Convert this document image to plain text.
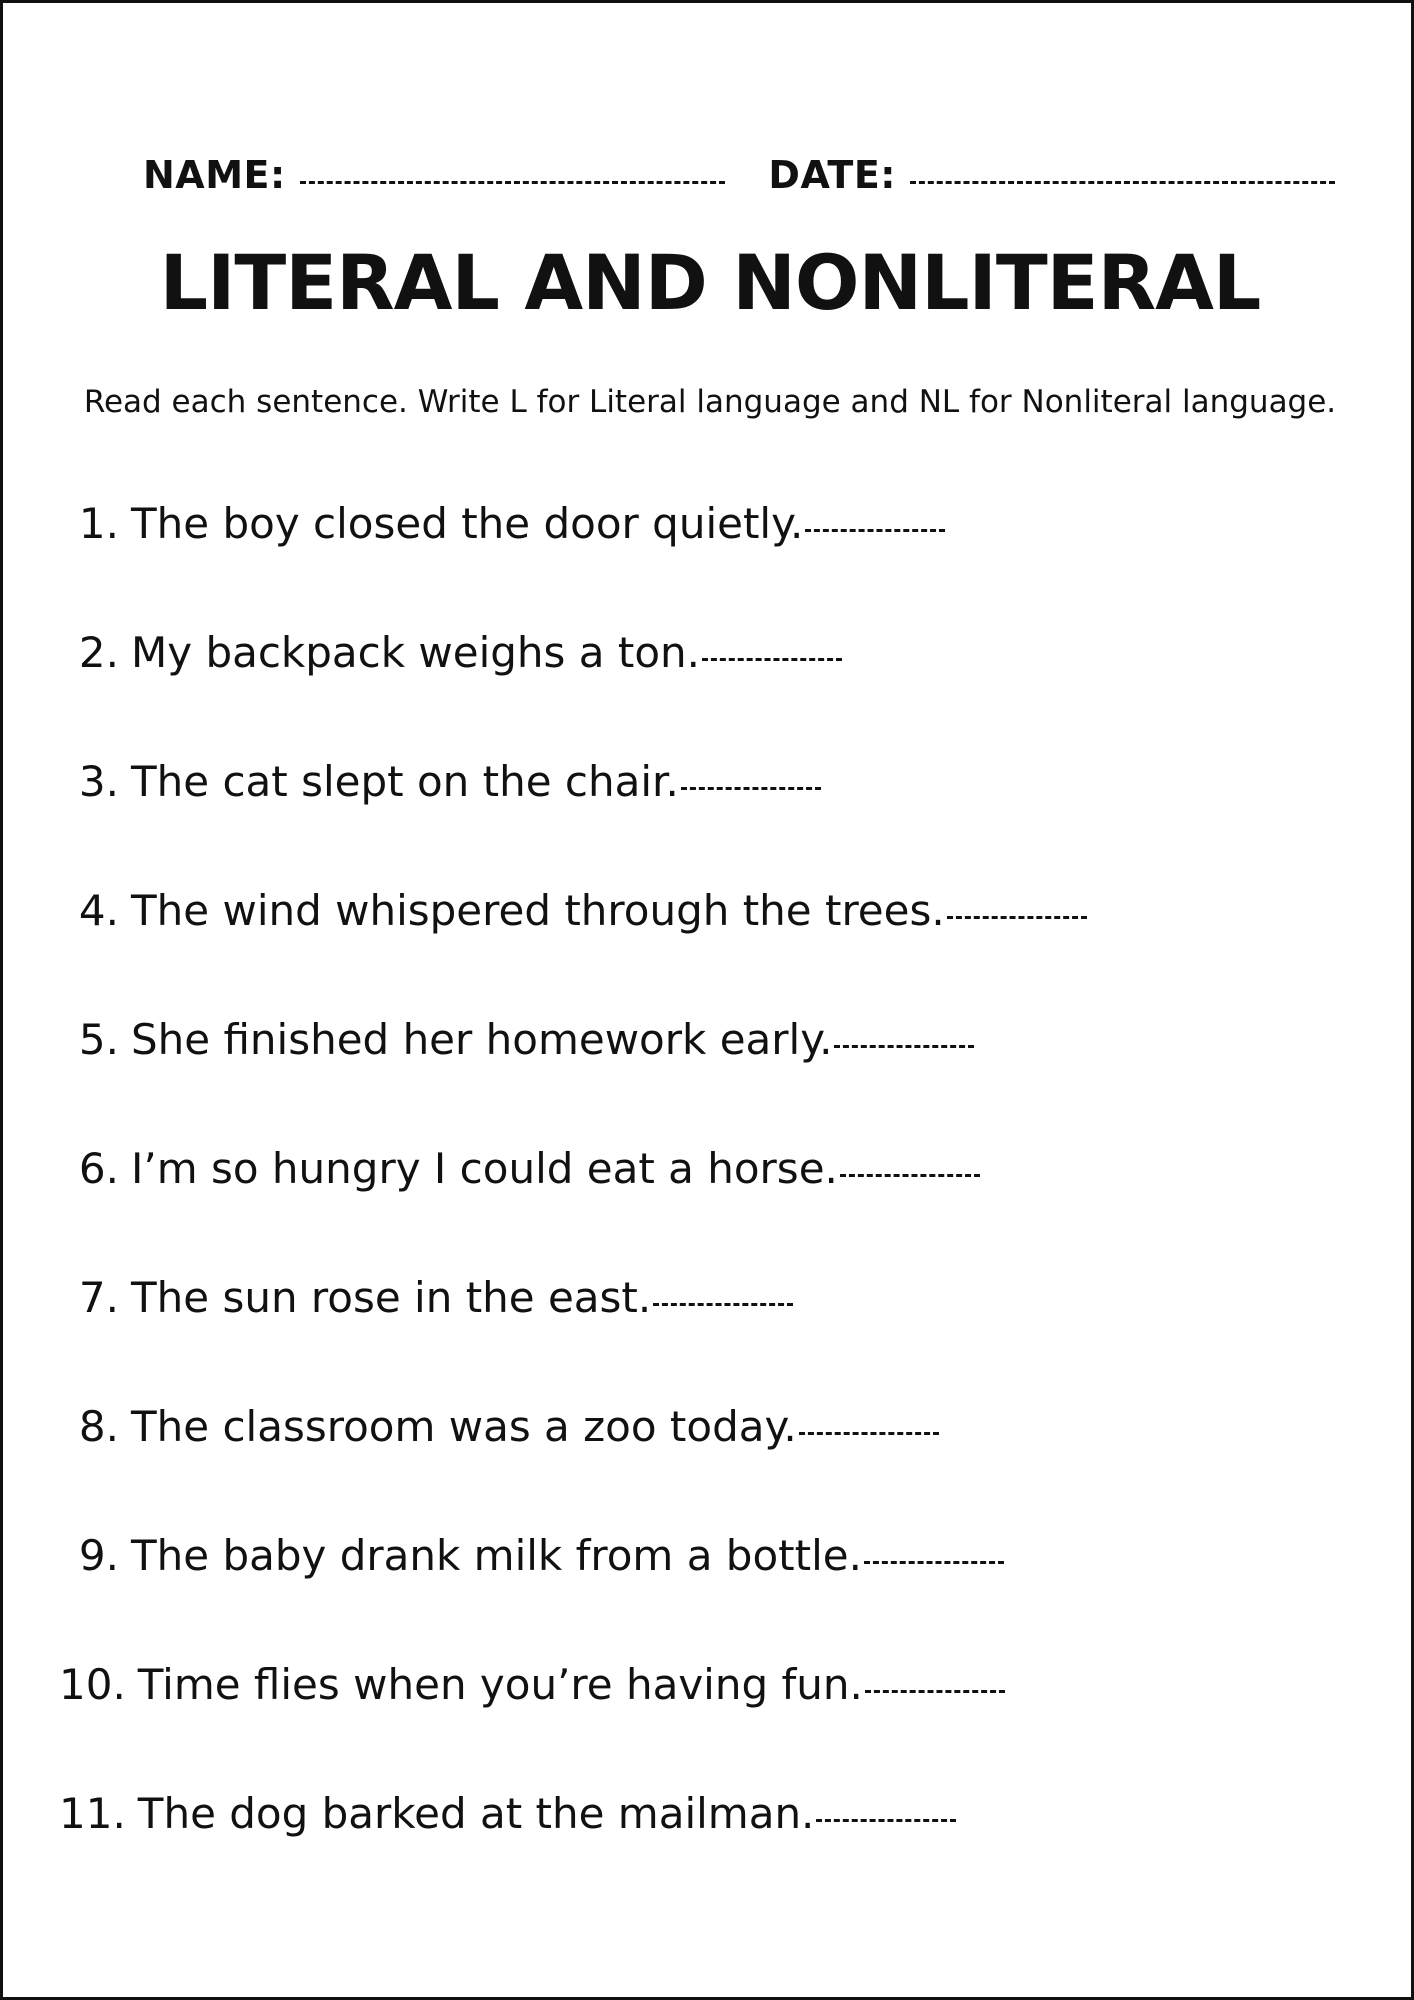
NAME:	DATE:
LITERAL AND NONLITERAL
Read each sentence. Write L for Literal language and NL for Nonliteral language.
1. The boy closed the door quietly.
2. My backpack weighs a ton.
3. The cat slept on the chair.
4. The wind whispered through the trees.
5. She finished her homework early.
6. I’m so hungry I could eat a horse.
7. The sun rose in the east.
8. The classroom was a zoo today.
9. The baby drank milk from a bottle.
10. Time flies when you’re having fun.
11. The dog barked at the mailman.
